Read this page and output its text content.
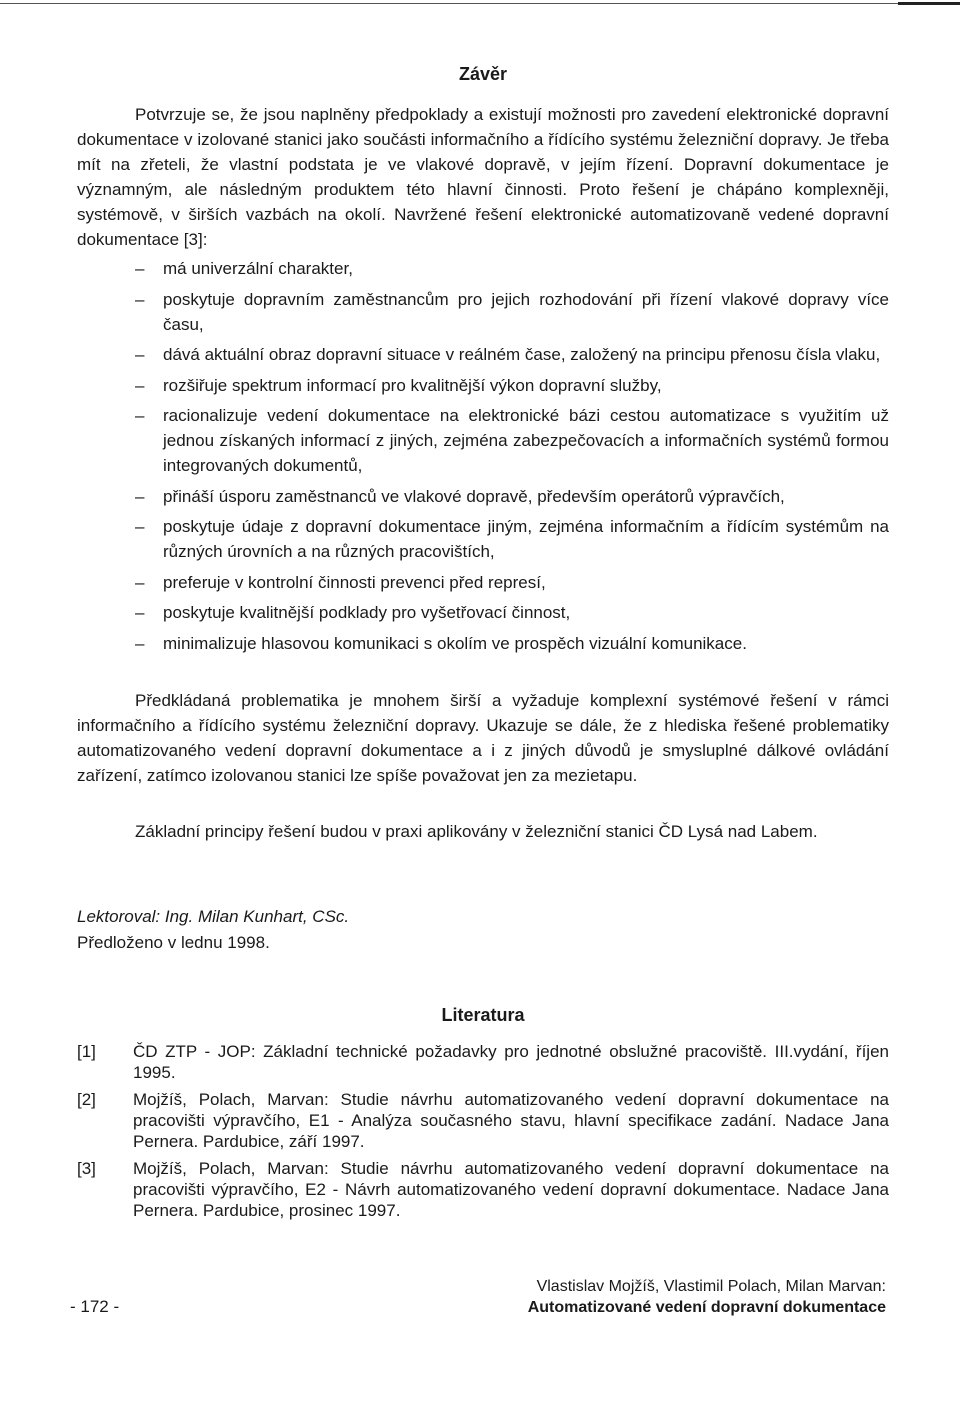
Závěr

Potvrzuje se, že jsou naplněny předpoklady a existují možnosti pro zavedení elektronické dopravní dokumentace v izolované stanici jako součásti informačního a řídícího systému železniční dopravy. Je třeba mít na zřeteli, že vlastní podstata je ve vlakové dopravě, v jejím řízení. Dopravní dokumentace je významným, ale následným produktem této hlavní činnosti. Proto řešení je chápáno komplexněji, systémově, v širších vazbách na okolí. Navržené řešení elektronické automatizovaně vedené dopravní dokumentace [3]:

– má univerzální charakter,
– poskytuje dopravním zaměstnancům pro jejich rozhodování při řízení vlakové dopravy více času,
– dává aktuální obraz dopravní situace v reálném čase, založený na principu přenosu čísla vlaku,
– rozšiřuje spektrum informací pro kvalitnější výkon dopravní služby,
– racionalizuje vedení dokumentace na elektronické bázi cestou automatizace s využitím už jednou získaných informací z jiných, zejména zabezpečovacích a informačních systémů formou integrovaných dokumentů,
– přináší úsporu zaměstnanců ve vlakové dopravě, především operátorů výpravčích,
– poskytuje údaje z dopravní dokumentace jiným, zejména informačním a řídícím systémům na různých úrovních a na různých pracovištích,
– preferuje v kontrolní činnosti prevenci před represí,
– poskytuje kvalitnější podklady pro vyšetřovací činnost,
– minimalizuje hlasovou komunikaci s okolím ve prospěch vizuální komunikace.

Předkládaná problematika je mnohem širší a vyžaduje komplexní systémové řešení v rámci informačního a řídícího systému železniční dopravy. Ukazuje se dále, že z hlediska řešené problematiky automatizovaného vedení dopravní dokumentace a i z jiných důvodů je smysluplné dálkové ovládání zařízení, zatímco izolovanou stanici lze spíše považovat jen za mezietapu.

Základní principy řešení budou v praxi aplikovány v železniční stanici ČD Lysá nad Labem.

Lektoroval: Ing. Milan Kunhart, CSc.
Předloženo v lednu 1998.
Literatura
[1]	ČD ZTP - JOP: Základní technické požadavky pro jednotné obslužné pracoviště. III.vydání, říjen 1995.
[2]	Mojžíš, Polach, Marvan: Studie návrhu automatizovaného vedení dopravní dokumentace na pracovišti výpravčího, E1 - Analýza současného stavu, hlavní specifikace zadání. Nadace Jana Pernera. Pardubice, září 1997.
[3]	Mojžíš, Polach, Marvan: Studie návrhu automatizovaného vedení dopravní dokumentace na pracovišti výpravčího, E2 - Návrh automatizovaného vedení dopravní dokumentace. Nadace Jana Pernera. Pardubice, prosinec 1997.
- 172 -
Vlastislav Mojžíš, Vlastimil Polach, Milan Marvan:
Automatizované vedení dopravní dokumentace
